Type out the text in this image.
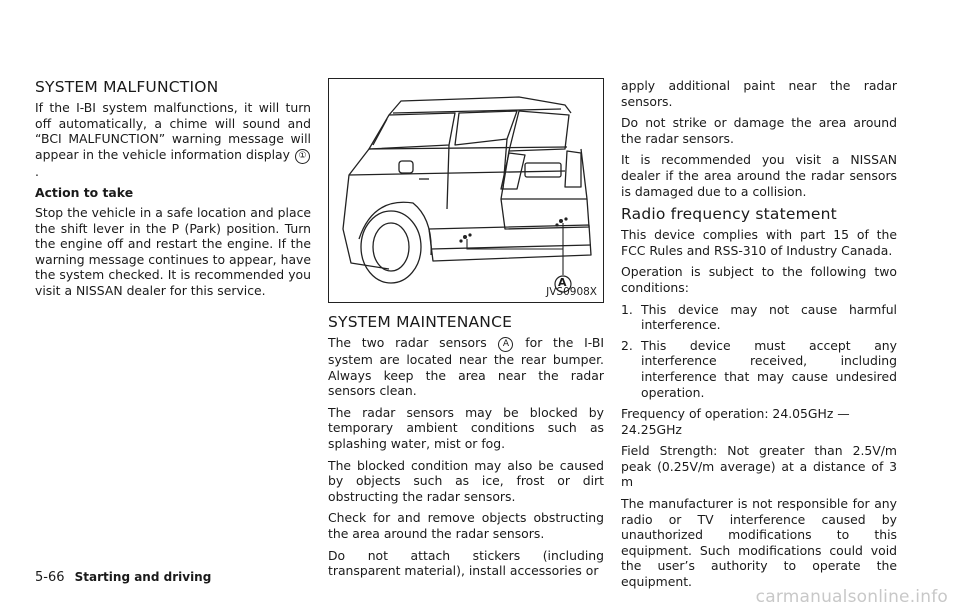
SYSTEM MALFUNCTION

If the I-BI system malfunctions, it will turn off automatically, a chime will sound and “BCI MALFUNCTION” warning message will appear in the vehicle information display ①.

Action to take

Stop the vehicle in a safe location and place the shift lever in the P (Park) position. Turn the engine off and restart the engine. If the warning message continues to appear, have the system checked. It is recommended you visit a NISSAN dealer for this service.

A
JVS0908X
SYSTEM MAINTENANCE

The two radar sensors A for the I-BI system are located near the rear bumper. Always keep the area near the radar sensors clean.

The radar sensors may be blocked by temporary ambient conditions such as splashing water, mist or fog.

The blocked condition may also be caused by objects such as ice, frost or dirt obstructing the radar sensors.

Check for and remove objects obstructing the area around the radar sensors.

Do not attach stickers (including transparent material), install accessories or

apply additional paint near the radar sensors.

Do not strike or damage the area around the radar sensors.

It is recommended you visit a NISSAN dealer if the area around the radar sensors is damaged due to a collision.

Radio frequency statement

This device complies with part 15 of the FCC Rules and RSS-310 of Industry Canada.

Operation is subject to the following two conditions:

1. This device may not cause harmful interference.
2. This device must accept any interference received, including interference that may cause undesired operation.

Frequency of operation: 24.05GHz — 24.25GHz

Field Strength: Not greater than 2.5V/m peak (0.25V/m average) at a distance of 3 m

The manufacturer is not responsible for any radio or TV interference caused by unauthorized modifications to this equipment. Such modifications could void the user’s authority to operate the equipment.

5-66 Starting and driving
carmanualsonline.info
